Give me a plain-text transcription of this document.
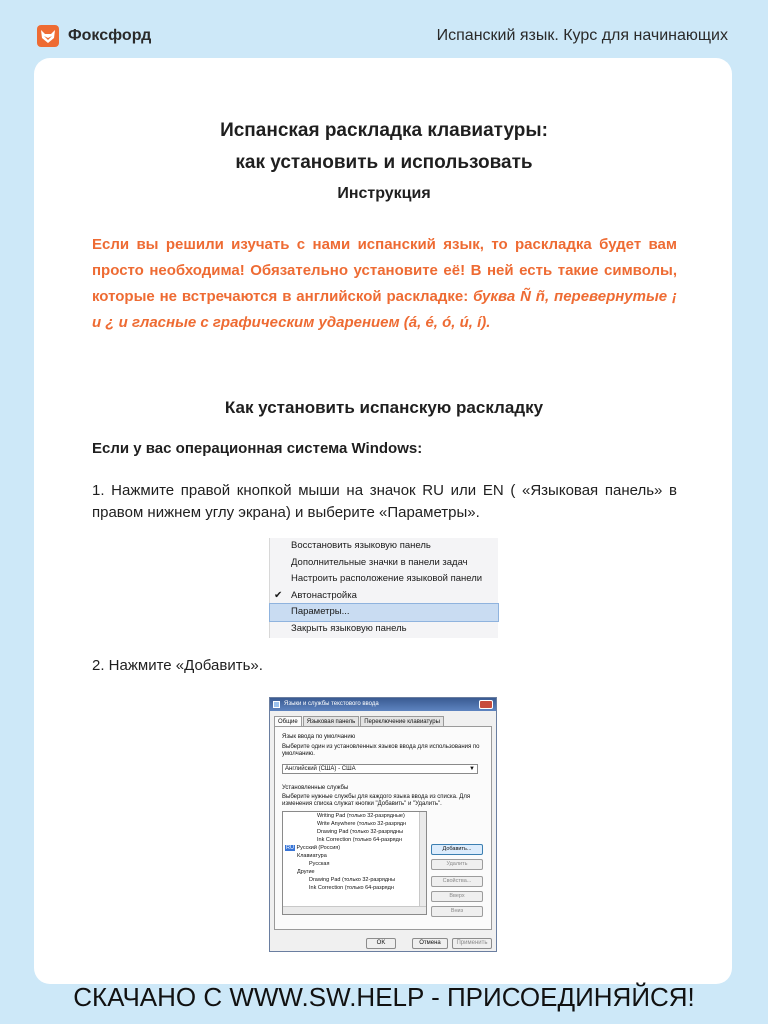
Фоксфорд	Испанский язык. Курс для начинающих
Испанская раскладка клавиатуры:
как установить и использовать
Инструкция
Если вы решили изучать с нами испанский язык, то раскладка будет вам просто необходима! Обязательно установите её! В ней есть такие символы, которые не встречаются в английской раскладке: буква Ñ ñ, перевернутые ¡ и ¿ и гласные с графическим ударением (á, é, ó, ú, í).
Как установить испанскую раскладку
Если у вас операционная система Windows:
1. Нажмите правой кнопкой мыши на значок RU или EN ( «Языковая панель» в правом нижнем углу экрана) и выберите «Параметры».
Восстановить языковую панель
Дополнительные значки в панели задач
Настроить расположение языковой панели
✔ Автонастройка
Параметры...
Закрыть языковую панель
2. Нажмите «Добавить».
Языки и службы текстового ввода
Общие	Языковая панель	Переключение клавиатуры
Язык ввода по умолчанию
Выберите один из установленных языков ввода для использования по умолчанию.
Английский (США) - США	▼
Установленные службы
Выберите нужные службы для каждого языка ввода из списка. Для изменения списка служат кнопки "Добавить" и "Удалить".
Writing Pad (только 32-разрядные)
Write Anywhere (только 32-разрядн
Drawing Pad (только 32-разрядны
Ink Correction (только 64-разрядн
RU Русский (Россия)
Клавиатура
Русская
Другие
Drawing Pad (только 32-разрядны
Ink Correction (только 64-разрядн
Добавить...
Удалить
Свойства...
Вверх
Вниз
OK	Отмена	Применить
СКАЧАНО С WWW.SW.HELP - ПРИСОЕДИНЯЙСЯ!
